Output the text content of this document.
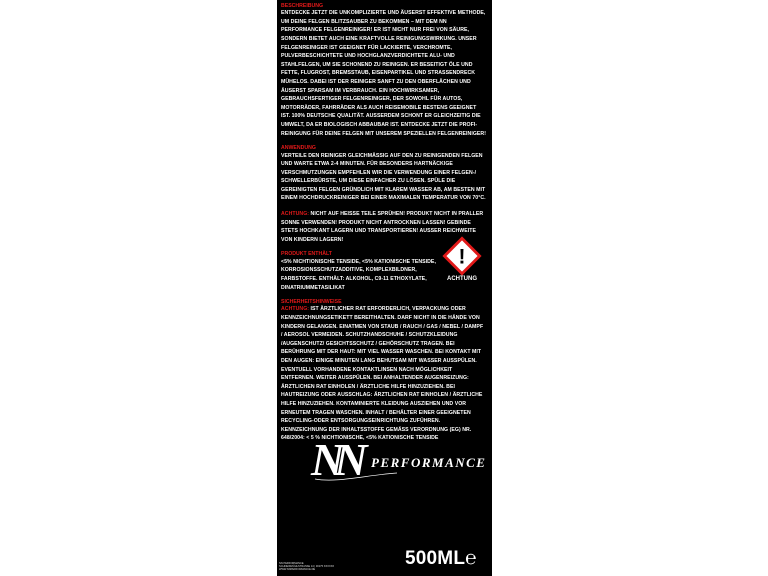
BESCHREIBUNG
ENTDECKE JETZT DIE UNKOMPLIZIERTE UND ÄUSERST EFFEKTIVE METHODE, UM DEINE FELGEN BLITZSAUBER ZU BEKOMMEN – MIT DEM NN PERFORMANCE FELGENREINIGER! ER IST NICHT NUR FREI VON SÄURE, SONDERN BIETET AUCH EINE KRAFTVOLLE REINIGUNGSWIRKUNG. UNSER FELGENREINIGER IST GEEIGNET FÜR LACKIERTE, VERCHROMTE, PULVERBESCHICHTETE UND HOCHGLANZVERDICHTETE ALU- UND STAHLFELGEN, UM SIE SCHONEND ZU REINIGEN. ER BESEITIGT ÖLE UND FETTE, FLUGROST, BREMSSTAUB, EISENPARTIKEL UND STRASSENDRECK MÜHELOS. DABEI IST DER REINIGER SANFT ZU DEN OBERFLÄCHEN UND ÄUSERST SPARSAM IM VERBRAUCH. EIN HOCHWIRKSAMER, GEBRAUCHSFERTIGER FELGENREINIGER, DER SOWOHL FÜR AUTOS, MOTORRÄDER, FAHRRÄDER ALS AUCH REISEMOBILE BESTENS GEEIGNET IST. 100% DEUTSCHE QUALITÄT. AUSSERDEM SCHONT ER GLEICHZEITIG DIE UMWELT, DA ER BIOLOGISCH ABBAUBAR IST. ENTDECKE JETZT DIE PROFI-REINIGUNG FÜR DEINE FELGEN MIT UNSEREM SPEZIELLEN FELGENREINIGER!
ANWENDUNG
VERTEILE DEN REINIGER GLEICHMÄSSIG AUF DEN ZU REINIGENDEN FELGEN UND WARTE ETWA 2-4 MINUTEN. FÜR BESONDERS HARTNÄCKIGE VERSCHMUTZUNGEN EMPFEHLEN WIR DIE VERWENDUNG EINER FELGEN-/ SCHWELLERBÜRSTE, UM DIESE EINFACHER ZU LÖSEN. SPÜLE DIE GEREINIGTEN FELGEN GRÜNDLICH MIT KLAREM WASSER AB, AM BESTEN MIT EINEM HOCHDRUCKREINIGER BEI EINER MAXIMALEN TEMPERATUR VON 70°C.
ACHTUNG: NICHT AUF HEISSE TEILE SPRÜHEN! PRODUKT NICHT IN PRALLER SONNE VERWENDEN! PRODUKT NICHT ANTROCKNEN LASSEN! GEBINDE STETS HOCHKANT LAGERN UND TRANSPORTIEREN! AUSSER REICHWEITE VON KINDERN LAGERN!
PRODUKT ENTHÄLT
<5% NICHTIONISCHE TENSIDE, <5% KATIONISCHE TENSIDE, KORROSIONSSCHUTZADDITIVE, KOMPLEXBILDNER, FARBSTOFFE. ENTHÄLT: ALKOHOL, C9-11 ETHOXYLATE, DINATRIUMMETASILIKAT
!
ACHTUNG
SICHERHEITSHINWEISE
ACHTUNG: IST ÄRZTLICHER RAT ERFORDERLICH, VERPACKUNG ODER KENNZEICHNUNGSETIKETT BEREITHALTEN. DARF NICHT IN DIE HÄNDE VON KINDERN GELANGEN. EINATMEN VON STAUB / RAUCH / GAS / NEBEL / DAMPF / AEROSOL VERMEIDEN. SCHUTZHANDSCHUHE / SCHUTZKLEIDUNG /AUGENSCHUTZ/ GESICHTSSCHUTZ / GEHÖRSCHUTZ TRAGEN. BEI BERÜHRUNG MIT DER HAUT: MIT VIEL WASSER WASCHEN. BEI KONTAKT MIT DEN AUGEN: EINIGE MINUTEN LANG BEHUTSAM MIT WASSER AUSSPÜLEN. EVENTUELL VORHANDENE KONTAKTLINSEN NACH MÖGLICHKEIT ENTFERNEN. WEITER AUSSPÜLEN. BEI ANHALTENDER AUGENREIZUNG: ÄRZTLICHEN RAT EINHOLEN / ÄRZTLICHE HILFE HINZUZIEHEN. BEI HAUTREIZUNG ODER AUSSCHLAG: ÄRZTLICHEN RAT EINHOLEN / ÄRZTLICHE HILFE HINZUZIEHEN. KONTAMINIERTE KLEIDUNG AUSZIEHEN UND VOR ERNEUTEM TRAGEN WASCHEN. INHALT / BEHÄLTER EINER GEEIGNETEN RECYCLING-ODER ENTSORGUNGSEINRICHTUNG ZUFÜHREN. KENNZEICHNUNG DER INHALTSSTOFFE GEMÄSS VERORDNUNG (EG) NR. 648/2004: < 5 % NICHTIONISCHE, <5% KATIONISCHE TENSIDE
NN	PERFORMANCE
NN PERFORMANCE
SCHNEIDMÜHLSTRASSE 14 | 30175 XXXXXX
WWW.NNPERFORMANCE.DE
500ML℮
